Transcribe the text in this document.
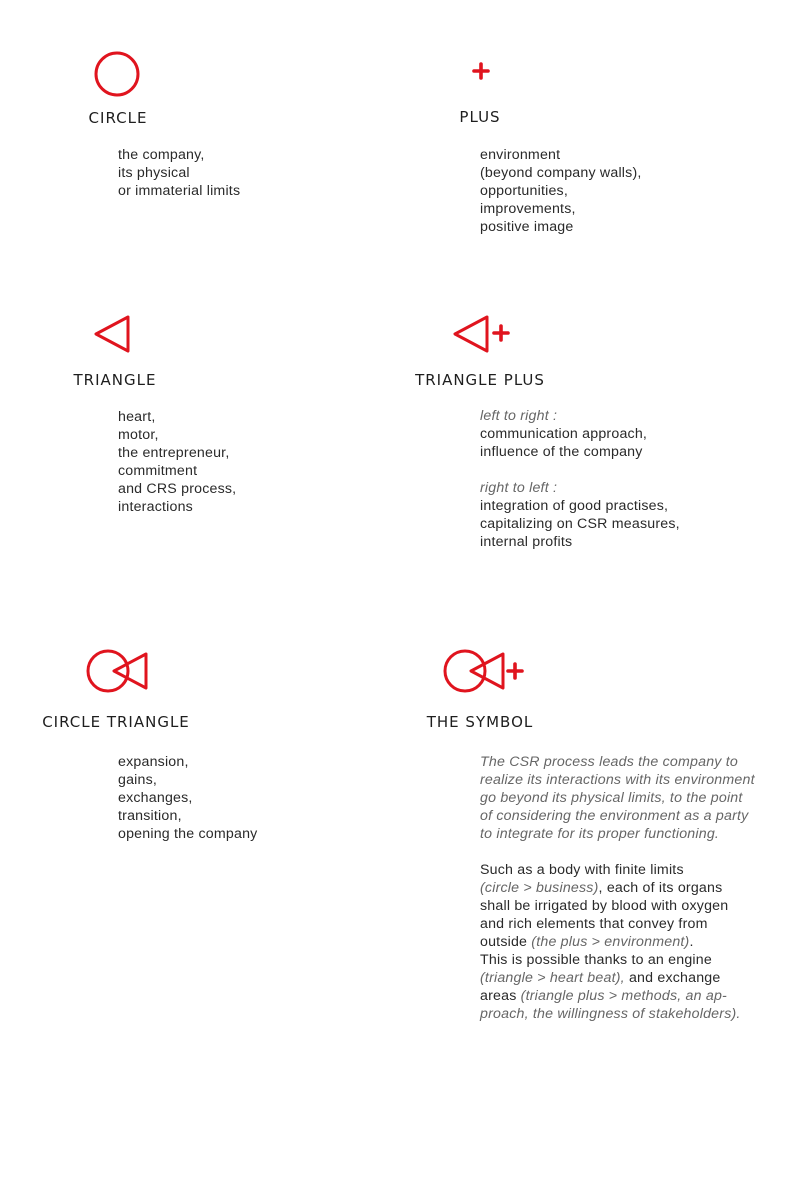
CIRCLE
the company,
its physical
or immaterial limits
PLUS
environment
(beyond company walls),
opportunities,
improvements,
positive image
TRIANGLE
heart,
motor,
the entrepreneur,
commitment
and CRS process,
interactions
TRIANGLE PLUS
left to right :
communication approach,
influence of the company
right to left :
integration of good practises,
capitalizing on CSR measures,
internal profits
CIRCLE TRIANGLE
expansion,
gains,
exchanges,
transition,
opening the company
THE SYMBOL
The CSR process leads the company to
realize its interactions with its environment
go beyond its physical limits, to the point
of considering the environment as a party
to integrate for its proper functioning.
Such as a body with finite limits
(circle > business), each of its organs
shall be irrigated by blood with oxygen
and rich elements that convey from
outside (the plus > environment).
This is possible thanks to an engine
(triangle > heart beat), and exchange
areas (triangle plus > methods, an ap-
proach, the willingness of stakeholders).
